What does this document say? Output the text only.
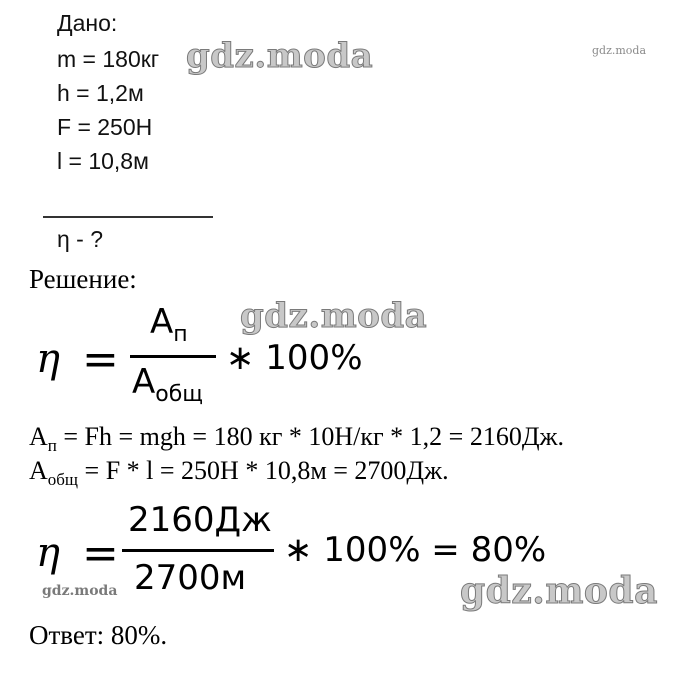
Дано:
m = 180кг
h = 1,2м
F = 250Н
l = 10,8м
η - ?
Решение:
η =
$A_п$
$A_{общ}$
∗ 100%
$A_п = Fh$ = mgh = 180 кг * 10Н/кг * 1,2 = 2160Дж.
$A_{общ} = F * l = 250Н * 10,8м = 2700Дж$.
η =
2160Дж
2700м
∗ 100% = 80%
Ответ: 80%.
gdz.moda
gdz.moda
gdz.moda
gdz.moda
gdz.moda
